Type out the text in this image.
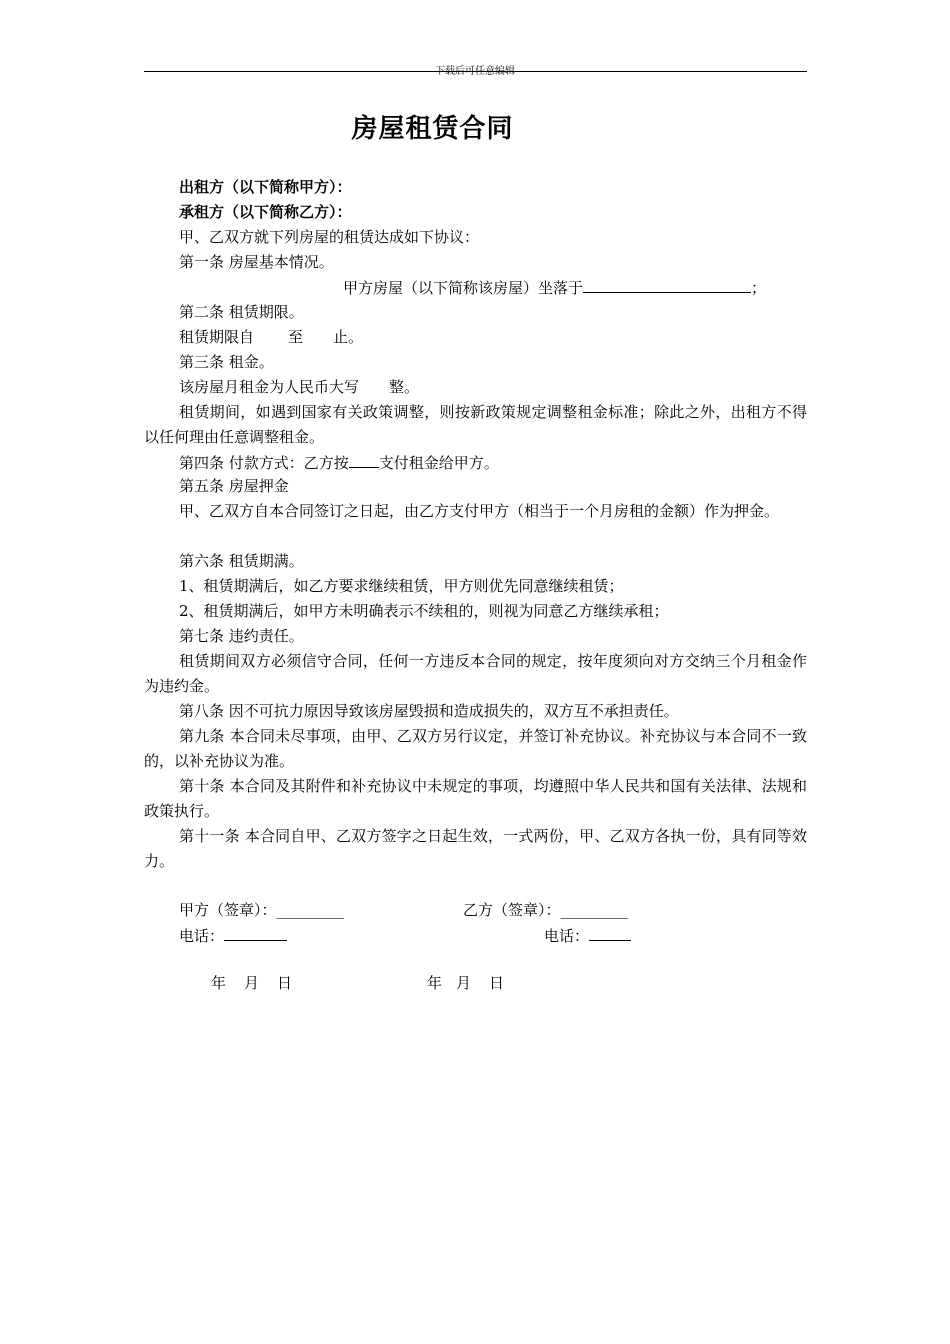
下载后可任意编辑
房屋租赁合同
出租方（以下简称甲方）：
承租方（以下简称乙方）：
甲、乙双方就下列房屋的租赁达成如下协议：
第一条 房屋基本情况。
甲方房屋（以下简称该房屋）坐落于	；
第二条 租赁期限。
租赁期限自 至 止。
第三条 租金。
该房屋月租金为人民币大写 整。
租赁期间，如遇到国家有关政策调整，则按新政策规定调整租金标准；除此之外，出租方不得以任何理由任意调整租金。
第四条 付款方式：乙方按 支付租金给甲方。
第五条 房屋押金
甲、乙双方自本合同签订之日起，由乙方支付甲方（相当于一个月房租的金额）作为押金。
第六条 租赁期满。
1、租赁期满后，如乙方要求继续租赁，甲方则优先同意继续租赁；
2、租赁期满后，如甲方未明确表示不续租的，则视为同意乙方继续承租；
第七条 违约责任。
租赁期间双方必须信守合同，任何一方违反本合同的规定，按年度须向对方交纳三个月租金作为违约金。
第八条 因不可抗力原因导致该房屋毁损和造成损失的，双方互不承担责任。
第九条 本合同未尽事项，由甲、乙双方另行议定，并签订补充协议。补充协议与本合同不一致的，以补充协议为准。
第十条 本合同及其附件和补充协议中未规定的事项，均遵照中华人民共和国有关法律、法规和政策执行。
第十一条 本合同自甲、乙双方签字之日起生效，一式两份，甲、乙双方各执一份，具有同等效力。
甲方（签章）：_________	乙方（签章）：_________
电话：	电话：
年 月 日	年 月 日
